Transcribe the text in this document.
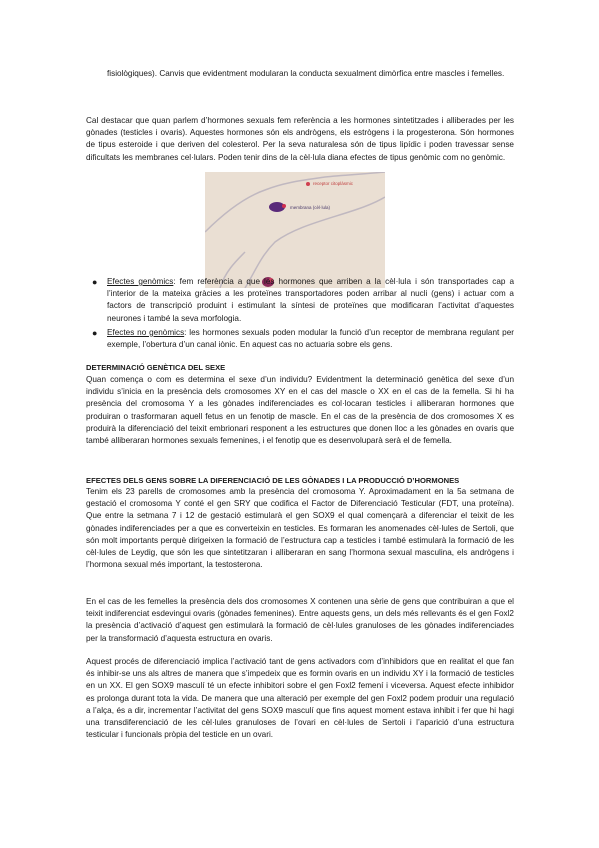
fisiològiques). Canvis que evidentment modularan la conducta sexualment dimòrfica entre mascles i femelles.

Cal destacar que quan parlem d’hormones sexuals fem referència a les hormones sintetitzades i alliberades per les gònades (testicles i ovaris). Aquestes hormones són els andrògens, els estrògens i la progesterona. Són hormones de tipus esteroide i que deriven del colesterol. Per la seva naturalesa són de tipus lipídic i poden travessar sense dificultats les membranes cel·lulars. Poden tenir dins de la cèl·lula diana efectes de tipus genòmic com no genòmic.

receptor citoplàsmic
membrana (cèl·lula)
● Efectes genòmics: fem referència a que les hormones que arriben a la cèl·lula i són transportades cap a l’interior de la mateixa gràcies a les proteïnes transportadores poden arribar al nucli (gens) i actuar com a factors de transcripció produint i estimulant la síntesi de proteïnes que modificaran l’activitat d’aquestes neurones i també la seva morfologia.
● Efectes no genòmics: les hormones sexuals poden modular la funció d’un receptor de membrana regulant per exemple, l’obertura d’un canal iònic. En aquest cas no actuaria sobre els gens.
DETERMINACIÓ GENÈTICA DEL SEXE

Quan comença o com es determina el sexe d’un individu? Evidentment la determinació genètica del sexe d’un individu s’inicia en la presència dels cromosomes XY en el cas del mascle o XX en el cas de la femella. Si hi ha presència del cromosoma Y a les gònades indiferenciades es col·locaran testicles i alliberaran hormones que produiran o trasformaran aquell fetus en un fenotip de mascle. En el cas de la presència de dos cromosomes X es produirà la diferenciació del teixit embrionari responent a les estructures que donen lloc a les gònades en ovaris que també alliberaran hormones sexuals femenines, i el fenotip que es desenvoluparà serà el de femella.

EFECTES DELS GENS SOBRE LA DIFERENCIACIÓ DE LES GÒNADES I LA PRODUCCIÓ D’HORMONES

Tenim els 23 parells de cromosomes amb la presència del cromosoma Y. Aproximadament en la 5a setmana de gestació el cromosoma Y conté el gen SRY que codifica el Factor de Diferenciació Testicular (FDT, una proteïna). Que entre la setmana 7 i 12 de gestació estimularà el gen SOX9 el qual començarà a diferenciar el teixit de les gònades indiferenciades per a que es converteixin en testicles. Es formaran les anomenades cèl·lules de Sertoli, que són molt importants perquè dirigeixen la formació de l’estructura cap a testicles i també estimularà la formació de les cèl·lules de Leydig, que són les que sintetitzaran i alliberaran en sang l’hormona sexual masculina, els andrògens i l’hormona sexual més important, la testosterona.

En el cas de les femelles la presència dels dos cromosomes X contenen una sèrie de gens que contribuiran a que el teixit indiferenciat esdevingui ovaris (gònades femenines). Entre aquests gens, un dels més rellevants és el gen Foxl2 la presència d’activació d’aquest gen estimularà la formació de cèl·lules granuloses de les gònades indiferenciades per la transformació d’aquesta estructura en ovaris.

Aquest procés de diferenciació implica l’activació tant de gens activadors com d’inhibidors que en realitat el que fan és inhibir-se uns als altres de manera que s’impedeix que es formin ovaris en un individu XY i la formació de testicles en un XX. El gen SOX9 masculí té un efecte inhibitori sobre el gen Foxl2 femení i viceversa. Aquest efecte inhibidor es prolonga durant tota la vida. De manera que una alteració per exemple del gen Foxl2 podem produir una regulació a l’alça, és a dir, incrementar l’activitat del gens SOX9 masculí que fins aquest moment estava inhibit i fer que hi hagi una transdiferenciació de les cèl·lules granuloses de l’ovari en cèl·lules de Sertoli i l’aparició d’una estructura testicular i funcionals pròpia del testicle en un ovari.
